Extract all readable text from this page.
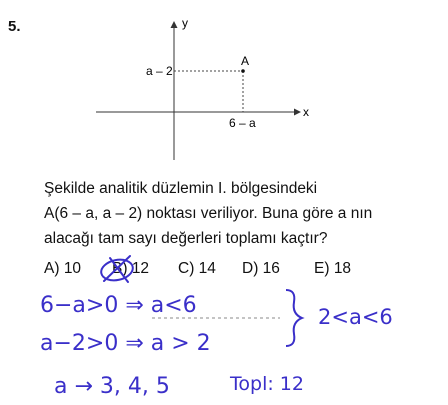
5.	y
x
A
a – 2
6 – a
Şekilde analitik düzlemin I. bölgesindeki
A(6 – a, a – 2) noktası veriliyor. Buna göre a nın
alacağı tam sayı değerleri toplamı kaçtır?
A) 10 B) 12 C) 14 D) 16 E) 18
6−a>0 ⇒ a<6
a−2>0 ⇒ a > 2
2<a<6
a → 3, 4, 5	Topl: 12
